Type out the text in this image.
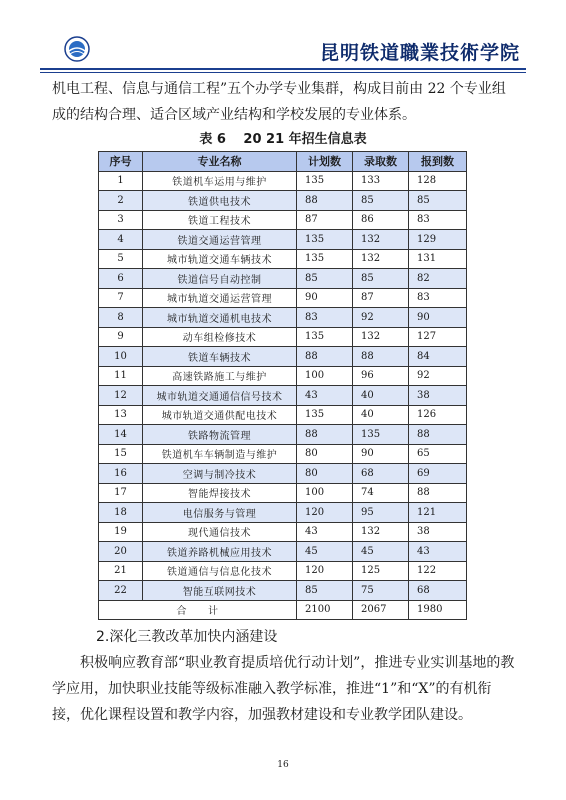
昆明铁道職業技術学院

机电工程、信息与通信工程”五个办学专业集群，构成目前由 22 个专业组成的结构合理、适合区域产业结构和学校发展的专业体系。

表 6　 20 21 年招生信息表
序号	专业名称	计划数	录取数	报到数
1	铁道机车运用与维护	135	133	128
2	铁道供电技术	88	85	85
3	铁道工程技术	87	86	83
4	铁道交通运营管理	135	132	129
5	城市轨道交通车辆技术	135	132	131
6	铁道信号自动控制	85	85	82
7	城市轨道交通运营管理	90	87	83
8	城市轨道交通机电技术	83	92	90
9	动车组检修技术	135	132	127
10	铁道车辆技术	88	88	84
11	高速铁路施工与维护	100	96	92
12	城市轨道交通通信信号技术	43	40	38
13	城市轨道交通供配电技术	135	40	126
14	铁路物流管理	88	135	88
15	铁道机车车辆制造与维护	80	90	65
16	空调与制冷技术	80	68	69
17	智能焊接技术	100	74	88
18	电信服务与管理	120	95	121
19	现代通信技术	43	132	38
20	铁道养路机械应用技术	45	45	43
21	铁道通信与信息化技术	120	125	122
22	智能互联网技术	85	75	68
合　　计		2100	2067	1980
2.深化三教改革加快内涵建设

积极响应教育部“职业教育提质培优行动计划”，推进专业实训基地的教学应用，加快职业技能等级标准融入教学标准，推进“1”和“X”的有机衔接，优化课程设置和教学内容，加强教材建设和专业教学团队建设。

16
